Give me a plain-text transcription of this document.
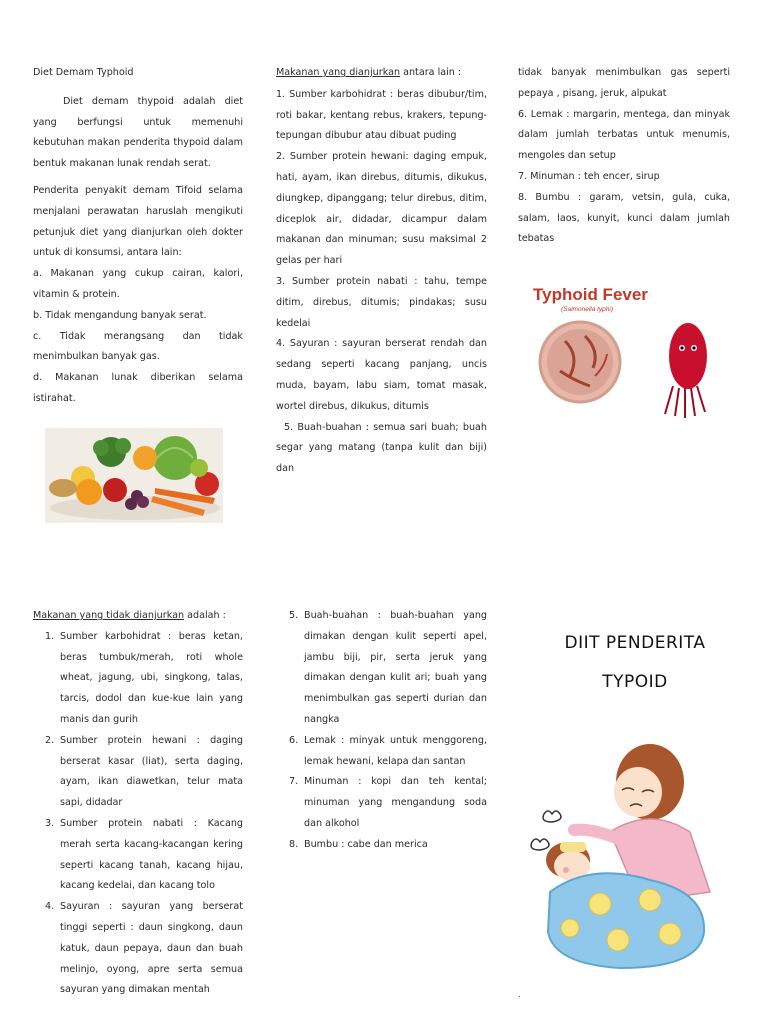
Diet Demam Typhoid

Diet demam thypoid adalah diet yang berfungsi untuk memenuhi kebutuhan makan penderita thypoid dalam bentuk makanan lunak rendah serat.

Penderita penyakit demam Tifoid selama menjalani perawatan haruslah mengikuti petunjuk diet yang dianjurkan oleh dokter untuk di konsumsi, antara lain:

a. Makanan yang cukup cairan, kalori, vitamin & protein.
b. Tidak mengandung banyak serat.
c. Tidak merangsang dan tidak menimbulkan banyak gas.
d. Makanan lunak diberikan selama istirahat.

Makanan yang dianjurkan antara lain :

1. Sumber karbohidrat : beras dibubur/tim, roti bakar, kentang rebus, krakers, tepung-tepungan dibubur atau dibuat puding
2. Sumber protein hewani: daging empuk, hati, ayam, ikan direbus, ditumis, dikukus, diungkep, dipanggang; telur direbus, ditim, diceplok air, didadar, dicampur dalam makanan dan minuman; susu maksimal 2 gelas per hari
3. Sumber protein nabati : tahu, tempe ditim, direbus, ditumis; pindakas; susu kedelai
4. Sayuran : sayuran berserat rendah dan sedang seperti kacang panjang, uncis muda, bayam, labu siam, tomat masak, wortel direbus, dikukus, ditumis
5. Buah-buahan : semua sari buah; buah segar yang matang (tanpa kulit dan biji) dan

tidak banyak menimbulkan gas seperti pepaya , pisang, jeruk, alpukat

6. Lemak : margarin, mentega, dan minyak dalam jumlah terbatas untuk menumis, mengoles dan setup
7. Minuman : teh encer, sirup
8. Bumbu : garam, vetsin, gula, cuka, salam, laos, kunyit, kunci dalam jumlah tebatas
Typhoid Fever
(Salmonella typhi)

Makanan yang tidak dianjurkan adalah :

1. Sumber karbohidrat : beras ketan, beras tumbuk/merah, roti whole wheat, jagung, ubi, singkong, talas, tarcis, dodol dan kue-kue lain yang manis dan gurih
2. Sumber protein hewani : daging berserat kasar (liat), serta daging, ayam, ikan diawetkan, telur mata sapi, didadar
3. Sumber protein nabati : Kacang merah serta kacang-kacangan kering seperti kacang tanah, kacang hijau, kacang kedelai, dan kacang tolo
4. Sayuran : sayuran yang berserat tinggi seperti : daun singkong, daun katuk, daun pepaya, daun dan buah melinjo, oyong, apre serta semua sayuran yang dimakan mentah
5. Buah-buahan : buah-buahan yang dimakan dengan kulit seperti apel, jambu biji, pir, serta jeruk yang dimakan dengan kulit ari; buah yang menimbulkan gas seperti durian dan nangka
6. Lemak : minyak untuk menggoreng, lemak hewani, kelapa dan santan
7. Minuman : kopi dan teh kental; minuman yang mengandung soda dan alkohol
8. Bumbu : cabe dan merica
DIIT PENDERITA
TYPOID
.
